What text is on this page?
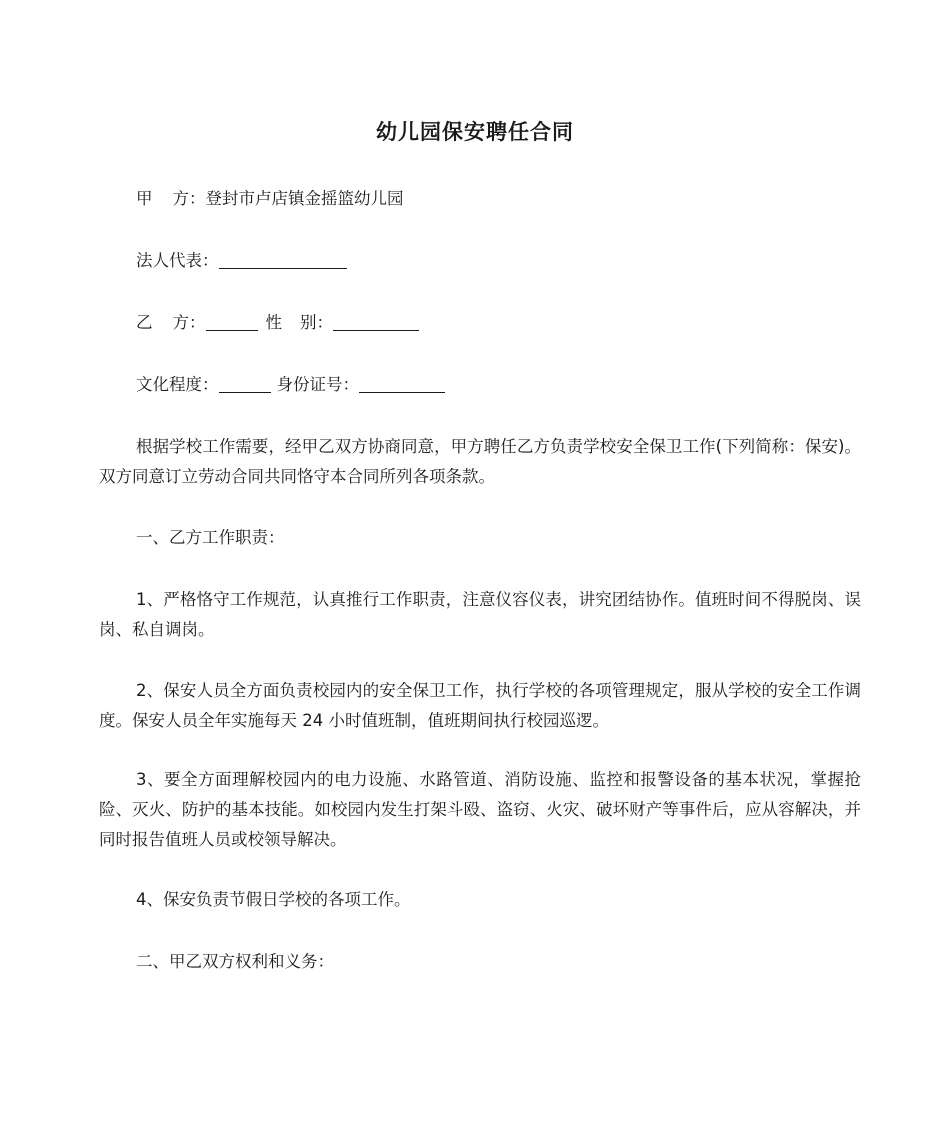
幼儿园保安聘任合同
甲 方：登封市卢店镇金摇篮幼儿园
法人代表：
乙 方：	性 别：
文化程度：	身份证号：
根据学校工作需要，经甲乙双方协商同意，甲方聘任乙方负责学校安全保卫工作(下列简称：保安)。双方同意订立劳动合同共同恪守本合同所列各项条款。
一、乙方工作职责：
1、严格恪守工作规范，认真推行工作职责，注意仪容仪表，讲究团结协作。值班时间不得脱岗、误岗、私自调岗。
2、保安人员全方面负责校园内的安全保卫工作，执行学校的各项管理规定，服从学校的安全工作调度。保安人员全年实施每天 24 小时值班制，值班期间执行校园巡逻。
3、要全方面理解校园内的电力设施、水路管道、消防设施、监控和报警设备的基本状况，掌握抢险、灭火、防护的基本技能。如校园内发生打架斗殴、盗窃、火灾、破坏财产等事件后，应从容解决，并同时报告值班人员或校领导解决。
4、保安负责节假日学校的各项工作。
二、甲乙双方权利和义务：
